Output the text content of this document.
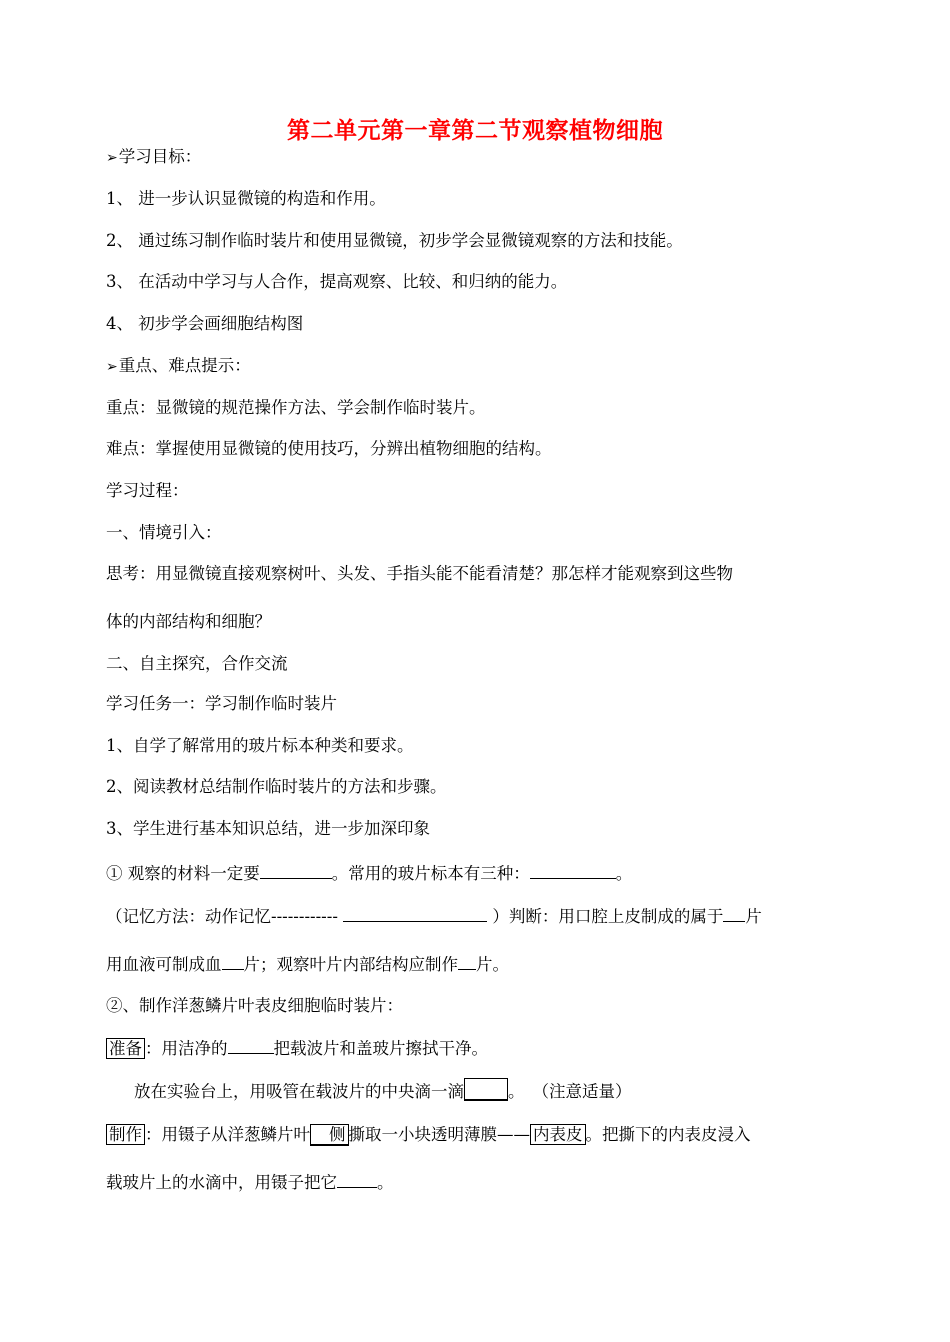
第二单元第一章第二节观察植物细胞
➢学习目标：
1、 进一步认识显微镜的构造和作用。
2、 通过练习制作临时装片和使用显微镜，初步学会显微镜观察的方法和技能。
3、 在活动中学习与人合作，提高观察、比较、和归纳的能力。
4、 初步学会画细胞结构图
➢重点、难点提示：
重点：显微镜的规范操作方法、学会制作临时装片。
难点：掌握使用显微镜的使用技巧，分辨出植物细胞的结构。
学习过程：
一、情境引入：
思考：用显微镜直接观察树叶、头发、手指头能不能看清楚？那怎样才能观察到这些物
体的内部结构和细胞？
二、自主探究，合作交流
学习任务一：学习制作临时装片
1、自学了解常用的玻片标本种类和要求。
2、阅读教材总结制作临时装片的方法和步骤。
3、学生进行基本知识总结，进一步加深印象
① 观察的材料一定要	。常用的玻片标本有三种：	。
（记忆方法：动作记忆------------	）判断：用口腔上皮制成的属于 片
用血液可制成血 片；观察叶片内部结构应制作 片。
②、制作洋葱鳞片叶表皮细胞临时装片：
准备 ：用洁净的	把载波片和盖玻片擦拭干净。
放在实验台上，用吸管在载波片的中央滴一滴	。 （注意适量）
制作 ：用镊子从洋葱鳞片叶 侧 撕取一小块透明薄膜—— 内表皮 。把撕下的内表皮浸入
载玻片上的水滴中，用镊子把它 。
